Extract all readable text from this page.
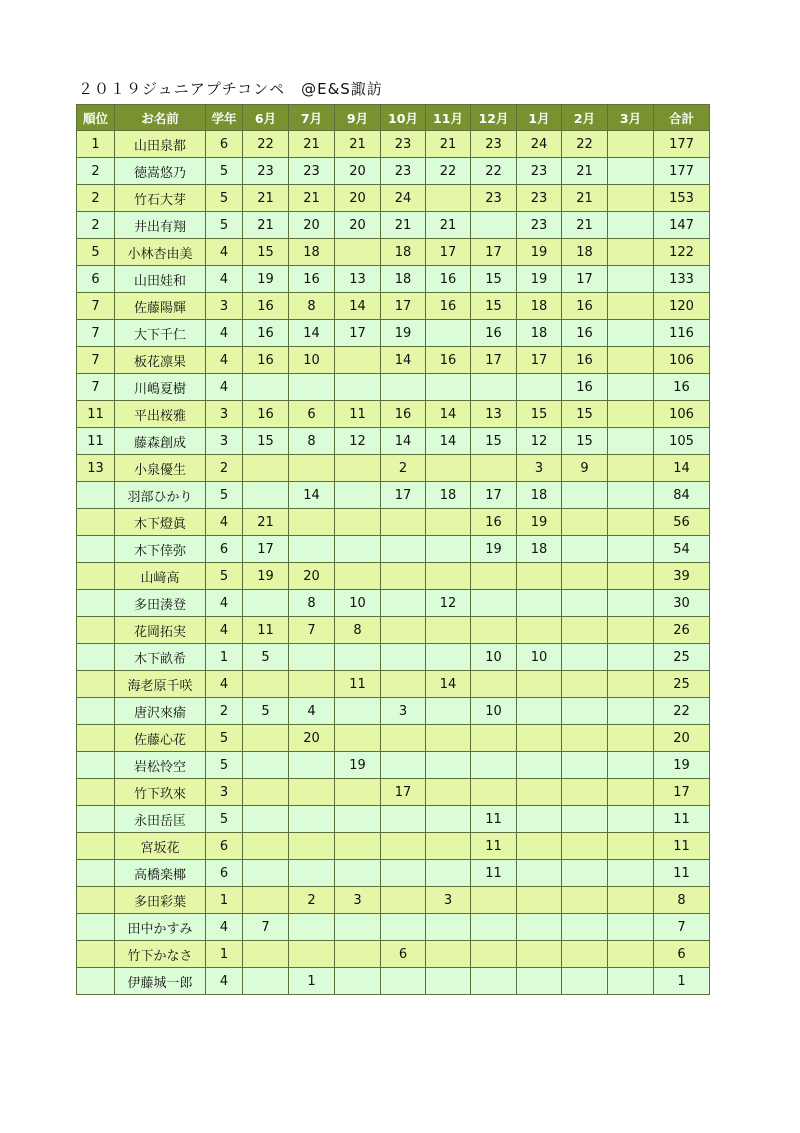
２０１９ジュニアプチコンペ　@E&S諏訪
順位	お名前	学年	6月	7月	9月	10月	11月	12月	1月	2月	3月	合計
1	山田泉都	6	22	21	21	23	21	23	24	22		177
2	徳嵩悠乃	5	23	23	20	23	22	22	23	21		177
2	竹石大芽	5	21	21	20	24		23	23	21		153
2	井出有翔	5	21	20	20	21	21		23	21		147
5	小林杏由美	4	15	18		18	17	17	19	18		122
6	山田娃和	4	19	16	13	18	16	15	19	17		133
7	佐藤陽輝	3	16	8	14	17	16	15	18	16		120
7	大下千仁	4	16	14	17	19		16	18	16		116
7	板花凛果	4	16	10		14	16	17	17	16		106
7	川嶋夏樹	4								16		16
11	平出桜雅	3	16	6	11	16	14	13	15	15		106
11	藤森創成	3	15	8	12	14	14	15	12	15		105
13	小泉優生	2				2			3	9		14
	羽部ひかり	5		14		17	18	17	18			84
	木下燈眞	4	21					16	19			56
	木下倖弥	6	17					19	18			54
	山﨑高	5	19	20								39
	多田湊登	4		8	10		12					30
	花岡拓実	4	11	7	8							26
	木下畝希	1	5					10	10			25
	海老原千咲	4			11		14					25
	唐沢來瘉	2	5	4		3		10				22
	佐藤心花	5		20								20
	岩松怜空	5			19							19
	竹下玖來	3				17						17
	永田岳匡	5						11				11
	宮坂花	6						11				11
	高橋楽椰	6						11				11
	多田彩葉	1		2	3		3					8
	田中かすみ	4	7									7
	竹下かなさ	1				6						6
	伊藤城一郎	4		1								1
